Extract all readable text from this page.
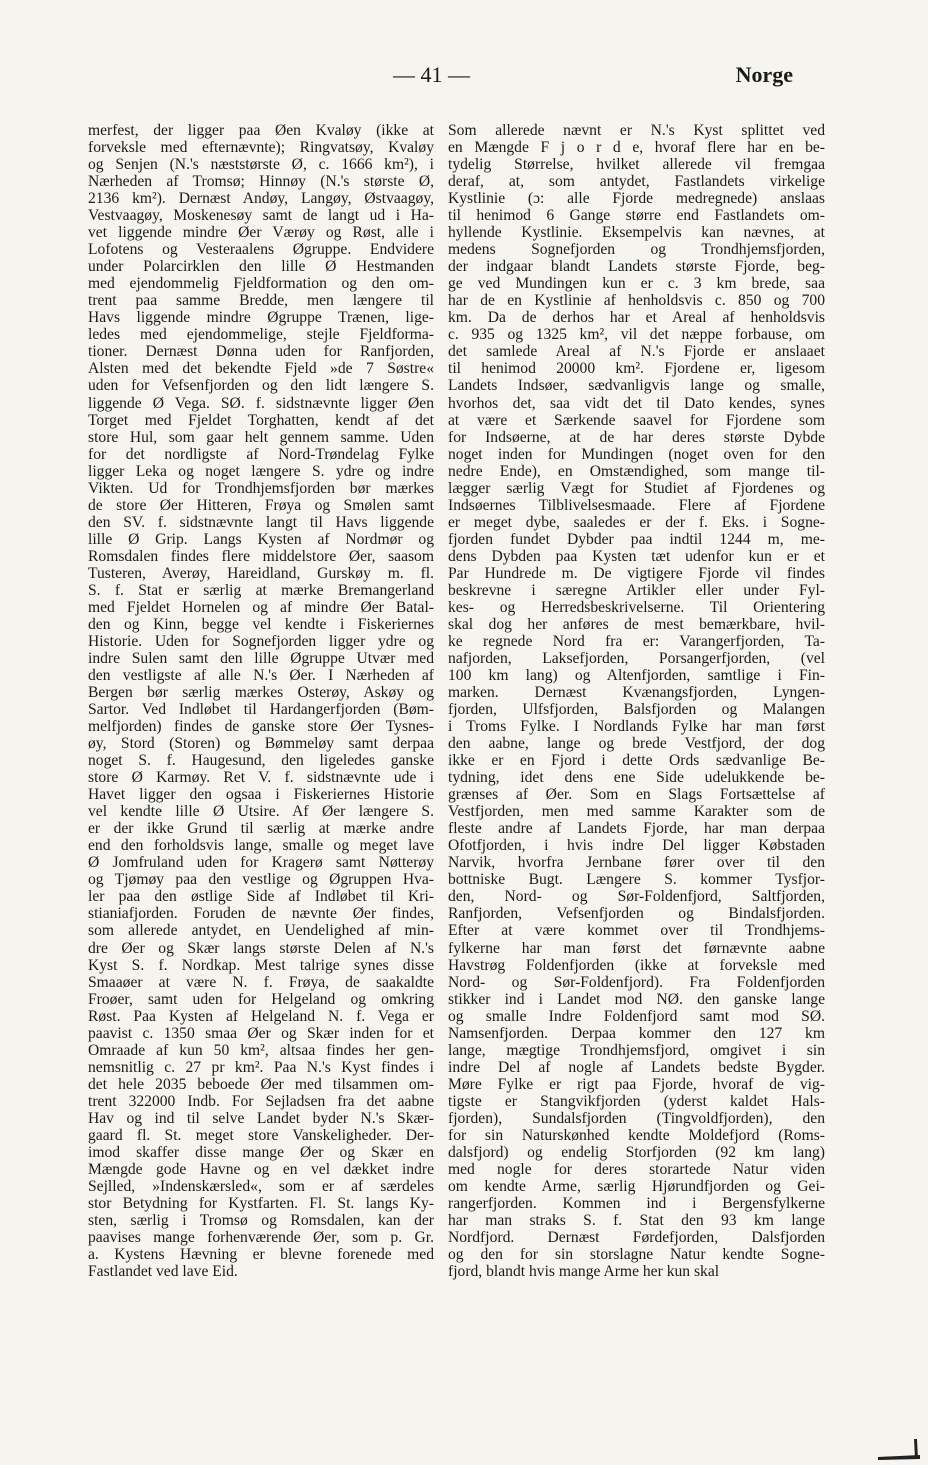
— 41 —	Norge
merfest, der ligger paa Øen Kvaløy (ikke at
forveksle med efternævnte); Ringvatsøy, Kvaløy
og Senjen (N.'s næststørste Ø, c. 1666 km²), i
Nærheden af Tromsø; Hinnøy (N.'s største Ø,
2136 km²). Dernæst Andøy, Langøy, Østvaagøy,
Vestvaagøy, Moskenesøy samt de langt ud i Ha-
vet liggende mindre Øer Værøy og Røst, alle i
Lofotens og Vesteraalens Øgruppe. Endvidere
under Polarcirklen den lille Ø Hestmanden
med ejendommelig Fjeldformation og den om-
trent paa samme Bredde, men længere til
Havs liggende mindre Øgruppe Trænen, lige-
ledes med ejendommelige, stejle Fjeldforma-
tioner. Dernæst Dønna uden for Ranfjorden,
Alsten med det bekendte Fjeld »de 7 Søstre«
uden for Vefsenfjorden og den lidt længere S.
liggende Ø Vega. SØ. f. sidstnævnte ligger Øen
Torget med Fjeldet Torghatten, kendt af det
store Hul, som gaar helt gennem samme. Uden
for det nordligste af Nord-Trøndelag Fylke
ligger Leka og noget længere S. ydre og indre
Vikten. Ud for Trondhjemsfjorden bør mærkes
de store Øer Hitteren, Frøya og Smølen samt
den SV. f. sidstnævnte langt til Havs liggende
lille Ø Grip. Langs Kysten af Nordmør og
Romsdalen findes flere middelstore Øer, saasom
Tusteren, Averøy, Hareidland, Gurskøy m. fl.
S. f. Stat er særlig at mærke Bremangerland
med Fjeldet Hornelen og af mindre Øer Batal-
den og Kinn, begge vel kendte i Fiskeriernes
Historie. Uden for Sognefjorden ligger ydre og
indre Sulen samt den lille Øgruppe Utvær med
den vestligste af alle N.'s Øer. I Nærheden af
Bergen bør særlig mærkes Osterøy, Askøy og
Sartor. Ved Indløbet til Hardangerfjorden (Bøm-
melfjorden) findes de ganske store Øer Tysnes-
øy, Stord (Storen) og Bømmeløy samt derpaa
noget S. f. Haugesund, den ligeledes ganske
store Ø Karmøy. Ret V. f. sidstnævnte ude i
Havet ligger den ogsaa i Fiskeriernes Historie
vel kendte lille Ø Utsire. Af Øer længere S.
er der ikke Grund til særlig at mærke andre
end den forholdsvis lange, smalle og meget lave
Ø Jomfruland uden for Kragerø samt Nøtterøy
og Tjømøy paa den vestlige og Øgruppen Hva-
ler paa den østlige Side af Indløbet til Kri-
stianiafjorden. Foruden de nævnte Øer findes,
som allerede antydet, en Uendelighed af min-
dre Øer og Skær langs største Delen af N.'s
Kyst S. f. Nordkap. Mest talrige synes disse
Smaaøer at være N. f. Frøya, de saakaldte
Froøer, samt uden for Helgeland og omkring
Røst. Paa Kysten af Helgeland N. f. Vega er
paavist c. 1350 smaa Øer og Skær inden for et
Omraade af kun 50 km², altsaa findes her gen-
nemsnitlig c. 27 pr km². Paa N.'s Kyst findes i
det hele 2035 beboede Øer med tilsammen om-
trent 322000 Indb. For Sejladsen fra det aabne
Hav og ind til selve Landet byder N.'s Skær-
gaard fl. St. meget store Vanskeligheder. Der-
imod skaffer disse mange Øer og Skær en
Mængde gode Havne og en vel dækket indre
Sejlled, »Indenskærsled«, som er af særdeles
stor Betydning for Kystfarten. Fl. St. langs Ky-
sten, særlig i Tromsø og Romsdalen, kan der
paavises mange forhenværende Øer, som p. Gr.
a. Kystens Hævning er blevne forenede med
Fastlandet ved lave Eid.
Som allerede nævnt er N.'s Kyst splittet ved
en Mængde F j o r d e, hvoraf flere har en be-
tydelig Størrelse, hvilket allerede vil fremgaa
deraf, at, som antydet, Fastlandets virkelige
Kystlinie (ɔ: alle Fjorde medregnede) anslaas
til henimod 6 Gange større end Fastlandets om-
hyllende Kystlinie. Eksempelvis kan nævnes, at
medens Sognefjorden og Trondhjemsfjorden,
der indgaar blandt Landets største Fjorde, beg-
ge ved Mundingen kun er c. 3 km brede, saa
har de en Kystlinie af henholdsvis c. 850 og 700
km. Da de derhos har et Areal af henholdsvis
c. 935 og 1325 km², vil det næppe forbause, om
det samlede Areal af N.'s Fjorde er anslaaet
til henimod 20000 km². Fjordene er, ligesom
Landets Indsøer, sædvanligvis lange og smalle,
hvorhos det, saa vidt det til Dato kendes, synes
at være et Særkende saavel for Fjordene som
for Indsøerne, at de har deres største Dybde
noget inden for Mundingen (noget oven for den
nedre Ende), en Omstændighed, som mange til-
lægger særlig Vægt for Studiet af Fjordenes og
Indsøernes Tilblivelsesmaade. Flere af Fjordene
er meget dybe, saaledes er der f. Eks. i Sogne-
fjorden fundet Dybder paa indtil 1244 m, me-
dens Dybden paa Kysten tæt udenfor kun er et
Par Hundrede m. De vigtigere Fjorde vil findes
beskrevne i særegne Artikler eller under Fyl-
kes- og Herredsbeskrivelserne. Til Orientering
skal dog her anføres de mest bemærkbare, hvil-
ke regnede Nord fra er: Varangerfjorden, Ta-
nafjorden, Laksefjorden, Porsangerfjorden, (vel
100 km lang) og Altenfjorden, samtlige i Fin-
marken. Dernæst Kvænangsfjorden, Lyngen-
fjorden, Ulfsfjorden, Balsfjorden og Malangen
i Troms Fylke. I Nordlands Fylke har man først
den aabne, lange og brede Vestfjord, der dog
ikke er en Fjord i dette Ords sædvanlige Be-
tydning, idet dens ene Side udelukkende be-
grænses af Øer. Som en Slags Fortsættelse af
Vestfjorden, men med samme Karakter som de
fleste andre af Landets Fjorde, har man derpaa
Ofotfjorden, i hvis indre Del ligger Købstaden
Narvik, hvorfra Jernbane fører over til den
bottniske Bugt. Længere S. kommer Tysfjor-
den, Nord- og Sør-Foldenfjord, Saltfjorden,
Ranfjorden, Vefsenfjorden og Bindalsfjorden.
Efter at være kommet over til Trondhjems-
fylkerne har man først det førnævnte aabne
Havstrøg Foldenfjorden (ikke at forveksle med
Nord- og Sør-Foldenfjord). Fra Foldenfjorden
stikker ind i Landet mod NØ. den ganske lange
og smalle Indre Foldenfjord samt mod SØ.
Namsenfjorden. Derpaa kommer den 127 km
lange, mægtige Trondhjemsfjord, omgivet i sin
indre Del af nogle af Landets bedste Bygder.
Møre Fylke er rigt paa Fjorde, hvoraf de vig-
tigste er Stangvikfjorden (yderst kaldet Hals-
fjorden), Sundalsfjorden (Tingvoldfjorden), den
for sin Naturskønhed kendte Moldefjord (Roms-
dalsfjord) og endelig Storfjorden (92 km lang)
med nogle for deres storartede Natur viden
om kendte Arme, særlig Hjørundfjorden og Gei-
rangerfjorden. Kommen ind i Bergensfylkerne
har man straks S. f. Stat den 93 km lange
Nordfjord. Dernæst Førdefjorden, Dalsfjorden
og den for sin storslagne Natur kendte Sogne-
fjord, blandt hvis mange Arme her kun skal
